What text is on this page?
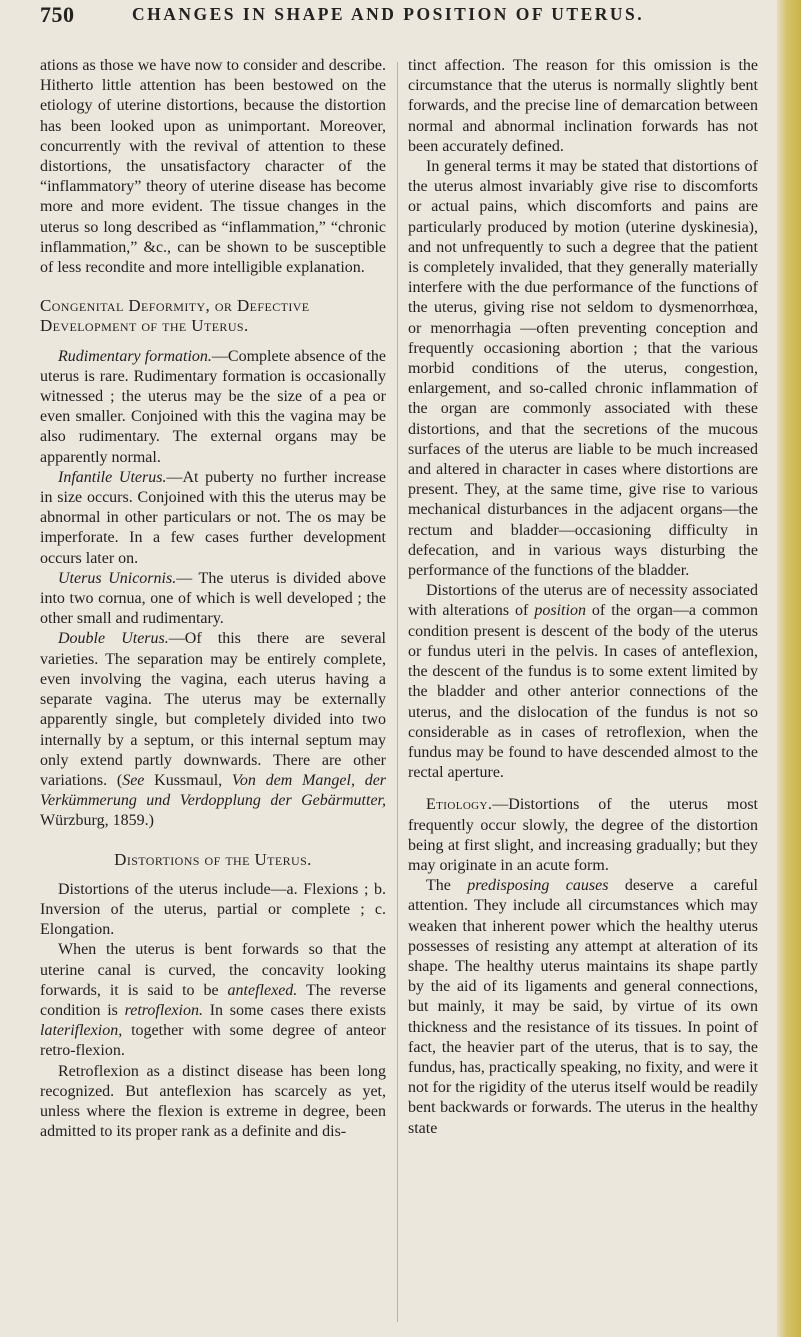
750	CHANGES IN SHAPE AND POSITION OF UTERUS.

ations as those we have now to consider and describe. Hitherto little attention has been bestowed on the etiology of uterine distortions, because the distortion has been looked upon as unimportant. Moreover, concurrently with the revival of attention to these distortions, the unsatisfactory character of the “inflammatory” theory of uterine disease has become more and more evident. The tissue changes in the uterus so long described as “inflammation,” “chronic inflammation,” &c., can be shown to be susceptible of less recondite and more intelligible explanation.

Congenital Deformity, or Defective Development of the Uterus.

Rudimentary formation.—Complete absence of the uterus is rare. Rudimentary formation is occasionally witnessed ; the uterus may be the size of a pea or even smaller. Conjoined with this the vagina may be also rudimentary. The external organs may be apparently normal.

Infantile Uterus.—At puberty no further increase in size occurs. Conjoined with this the uterus may be abnormal in other particulars or not. The os may be imperforate. In a few cases further development occurs later on.

Uterus Unicornis.— The uterus is divided above into two cornua, one of which is well developed ; the other small and rudimentary.

Double Uterus.—Of this there are several varieties. The separation may be entirely complete, even involving the vagina, each uterus having a separate vagina. The uterus may be externally apparently single, but completely divided into two internally by a septum, or this internal septum may only extend partly downwards. There are other variations. (See Kussmaul, Von dem Mangel, der Verkümmerung und Verdopplung der Gebärmutter, Würzburg, 1859.)

Distortions of the Uterus.

Distortions of the uterus include—a. Flexions ; b. Inversion of the uterus, partial or complete ; c. Elongation.

When the uterus is bent forwards so that the uterine canal is curved, the concavity looking forwards, it is said to be anteflexed. The reverse condition is retroflexion. In some cases there exists lateriflexion, together with some degree of anteor retro-flexion.

Retroflexion as a distinct disease has been long recognized. But anteflexion has scarcely as yet, unless where the flexion is extreme in degree, been admitted to its proper rank as a definite and dis-

tinct affection. The reason for this omission is the circumstance that the uterus is normally slightly bent forwards, and the precise line of demarcation between normal and abnormal inclination forwards has not been accurately defined.

In general terms it may be stated that distortions of the uterus almost invariably give rise to discomforts or actual pains, which discomforts and pains are particularly produced by motion (uterine dyskinesia), and not unfrequently to such a degree that the patient is completely invalided, that they generally materially interfere with the due performance of the functions of the uterus, giving rise not seldom to dysmenorrhœa, or menorrhagia —often preventing conception and frequently occasioning abortion ; that the various morbid conditions of the uterus, congestion, enlargement, and so-called chronic inflammation of the organ are commonly associated with these distortions, and that the secretions of the mucous surfaces of the uterus are liable to be much increased and altered in character in cases where distortions are present. They, at the same time, give rise to various mechanical disturbances in the adjacent organs—the rectum and bladder—occasioning difficulty in defecation, and in various ways disturbing the performance of the functions of the bladder.

Distortions of the uterus are of necessity associated with alterations of position of the organ—a common condition present is descent of the body of the uterus or fundus uteri in the pelvis. In cases of anteflexion, the descent of the fundus is to some extent limited by the bladder and other anterior connections of the uterus, and the dislocation of the fundus is not so considerable as in cases of retroflexion, when the fundus may be found to have descended almost to the rectal aperture.

Etiology.—Distortions of the uterus most frequently occur slowly, the degree of the distortion being at first slight, and increasing gradually; but they may originate in an acute form.

The predisposing causes deserve a careful attention. They include all circumstances which may weaken that inherent power which the healthy uterus possesses of resisting any attempt at alteration of its shape. The healthy uterus maintains its shape partly by the aid of its ligaments and general connections, but mainly, it may be said, by virtue of its own thickness and the resistance of its tissues. In point of fact, the heavier part of the uterus, that is to say, the fundus, has, practically speaking, no fixity, and were it not for the rigidity of the uterus itself would be readily bent backwards or forwards. The uterus in the healthy state
